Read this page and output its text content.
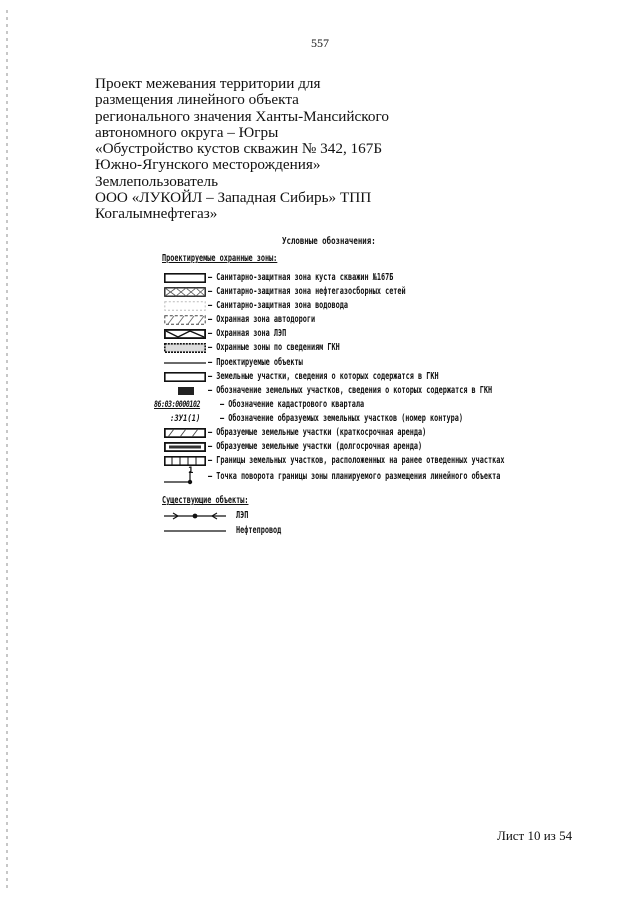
557
Проект межевания территории для
размещения линейного объекта
регионального значения Ханты-Мансийского
автономного округа – Югры
«Обустройство кустов скважин № 342, 167Б
Южно-Ягунского месторождения»
Землепользователь
ООО «ЛУКОЙЛ – Западная Сибирь» ТПП
Когалымнефтегаз»
Условные обозначения:
Проектируемые охранные зоны:
– Санитарно-защитная зона куста скважин №167Б
– Санитарно-защитная зона нефтегазосборных сетей
– Санитарно-защитная зона водовода
– Охранная зона автодороги
– Охранная зона ЛЭП
– Охранные зоны по сведениям ГКН
– Проектируемые объекты
– Земельные участки, сведения о которых содержатся в ГКН
– Обозначение земельных участков, сведения о которых содержатся в ГКН
86:03:0000102 – Обозначение кадастрового квартала
:ЗУ1(1)	– Обозначение образуемых земельных участков (номер контура)
– Образуемые земельные участки (краткосрочная аренда)
– Образуемые земельные участки (долгосрочная аренда)
– Границы земельных участков, расположенных на ранее отведенных участках
1 – Точка поворота границы зоны планируемого размещения линейного объекта
Существующие объекты:
ЛЭП
Нефтепровод
Лист 10 из 54
